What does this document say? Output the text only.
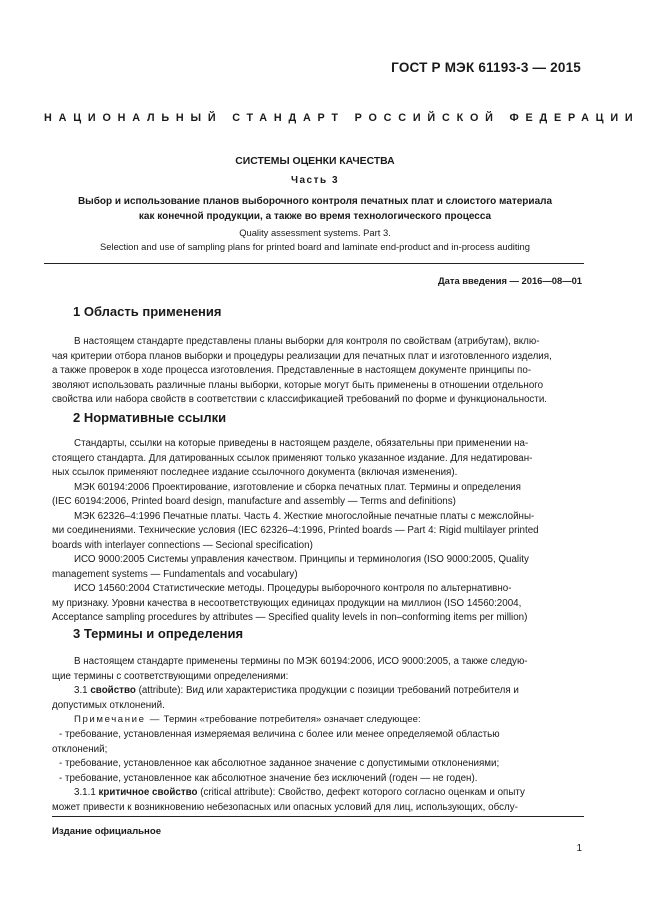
ГОСТ Р МЭК 61193-3 — 2015
НАЦИОНАЛЬНЫЙ СТАНДАРТ РОССИЙСКОЙ ФЕДЕРАЦИИ
СИСТЕМЫ ОЦЕНКИ КАЧЕСТВА
Часть 3
Выбор и использование планов выборочного контроля печатных плат и слоистого материала
как конечной продукции, а также во время технологического процесса
Quality assessment systems. Part 3.
Selection and use of sampling plans for printed board and laminate end-product and in-process auditing
Дата введения — 2016—08—01
1 Область применения
В настоящем стандарте представлены планы выборки для контроля по свойствам (атрибутам), вклю-
чая критерии отбора планов выборки и процедуры реализации для печатных плат и изготовленного изделия,
а также проверок в ходе процесса изготовления. Представленные в настоящем документе принципы по-
зволяют использовать различные планы выборки, которые могут быть применены в отношении отдельного
свойства или набора свойств в соответствии с классификацией требований по форме и функциональности.
2 Нормативные ссылки
Стандарты, ссылки на которые приведены в настоящем разделе, обязательны при применении на-
стоящего стандарта. Для датированных ссылок применяют только указанное издание. Для недатирован-
ных ссылок применяют последнее издание ссылочного документа (включая изменения).
МЭК 60194:2006 Проектирование, изготовление и сборка печатных плат. Термины и определения
(IEC 60194:2006, Printed board design, manufacture and assembly — Terms and definitions)
МЭК 62326–4:1996 Печатные платы. Часть 4. Жесткие многослойные печатные платы с межслойны-
ми соединениями. Технические условия (IEC 62326–4:1996, Printed boards — Part 4: Rigid multilayer printed
boards with interlayer connections — Secional specification)
ИСО 9000:2005 Системы управления качеством. Принципы и терминология (ISO 9000:2005, Quality
management systems — Fundamentals and vocabulary)
ИСО 14560:2004 Статистические методы. Процедуры выборочного контроля по альтернативно-
му признаку. Уровни качества в несоответствующих единицах продукции на миллион (ISO 14560:2004,
Acceptance sampling procedures by attributes — Specified quality levels in non–conforming items per million)
3 Термины и определения
В настоящем стандарте применены термины по МЭК 60194:2006, ИСО 9000:2005, а также следую-
щие термины с соответствующими определениями:
3.1 свойство (attribute): Вид или характеристика продукции с позиции требований потребителя и
допустимых отклонений.
Примечание — Термин «требование потребителя» означает следующее:
- требование, установленная измеряемая величина с более или менее определяемой областью
отклонений;
- требование, установленное как абсолютное заданное значение с допустимыми отклонениями;
- требование, установленное как абсолютное значение без исключений (годен — не годен).
3.1.1 критичное свойство (critical attribute): Свойство, дефект которого согласно оценкам и опыту
может привести к возникновению небезопасных или опасных условий для лиц, использующих, обслу-
Издание официальное
1
